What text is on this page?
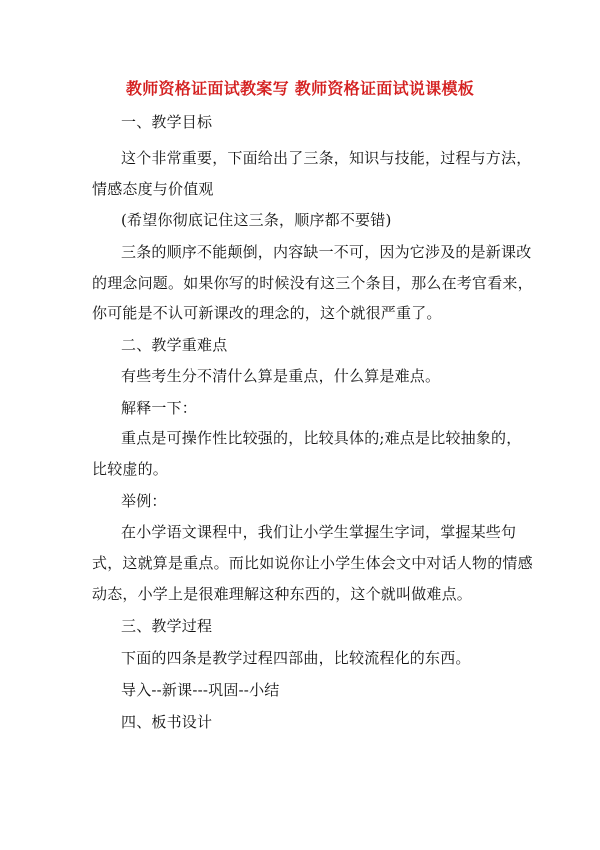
教师资格证面试教案写 教师资格证面试说课模板
一、教学目标
这个非常重要，下面给出了三条，知识与技能，过程与方法，
情感态度与价值观
(希望你彻底记住这三条，顺序都不要错)
三条的顺序不能颠倒，内容缺一不可，因为它涉及的是新课改
的理念问题。如果你写的时候没有这三个条目，那么在考官看来，
你可能是不认可新课改的理念的，这个就很严重了。
二、教学重难点
有些考生分不清什么算是重点，什么算是难点。
解释一下：
重点是可操作性比较强的，比较具体的;难点是比较抽象的，
比较虚的。
举例：
在小学语文课程中，我们让小学生掌握生字词，掌握某些句
式，这就算是重点。而比如说你让小学生体会文中对话人物的情感
动态，小学上是很难理解这种东西的，这个就叫做难点。
三、教学过程
下面的四条是教学过程四部曲，比较流程化的东西。
导入--新课---巩固--小结
四、板书设计
